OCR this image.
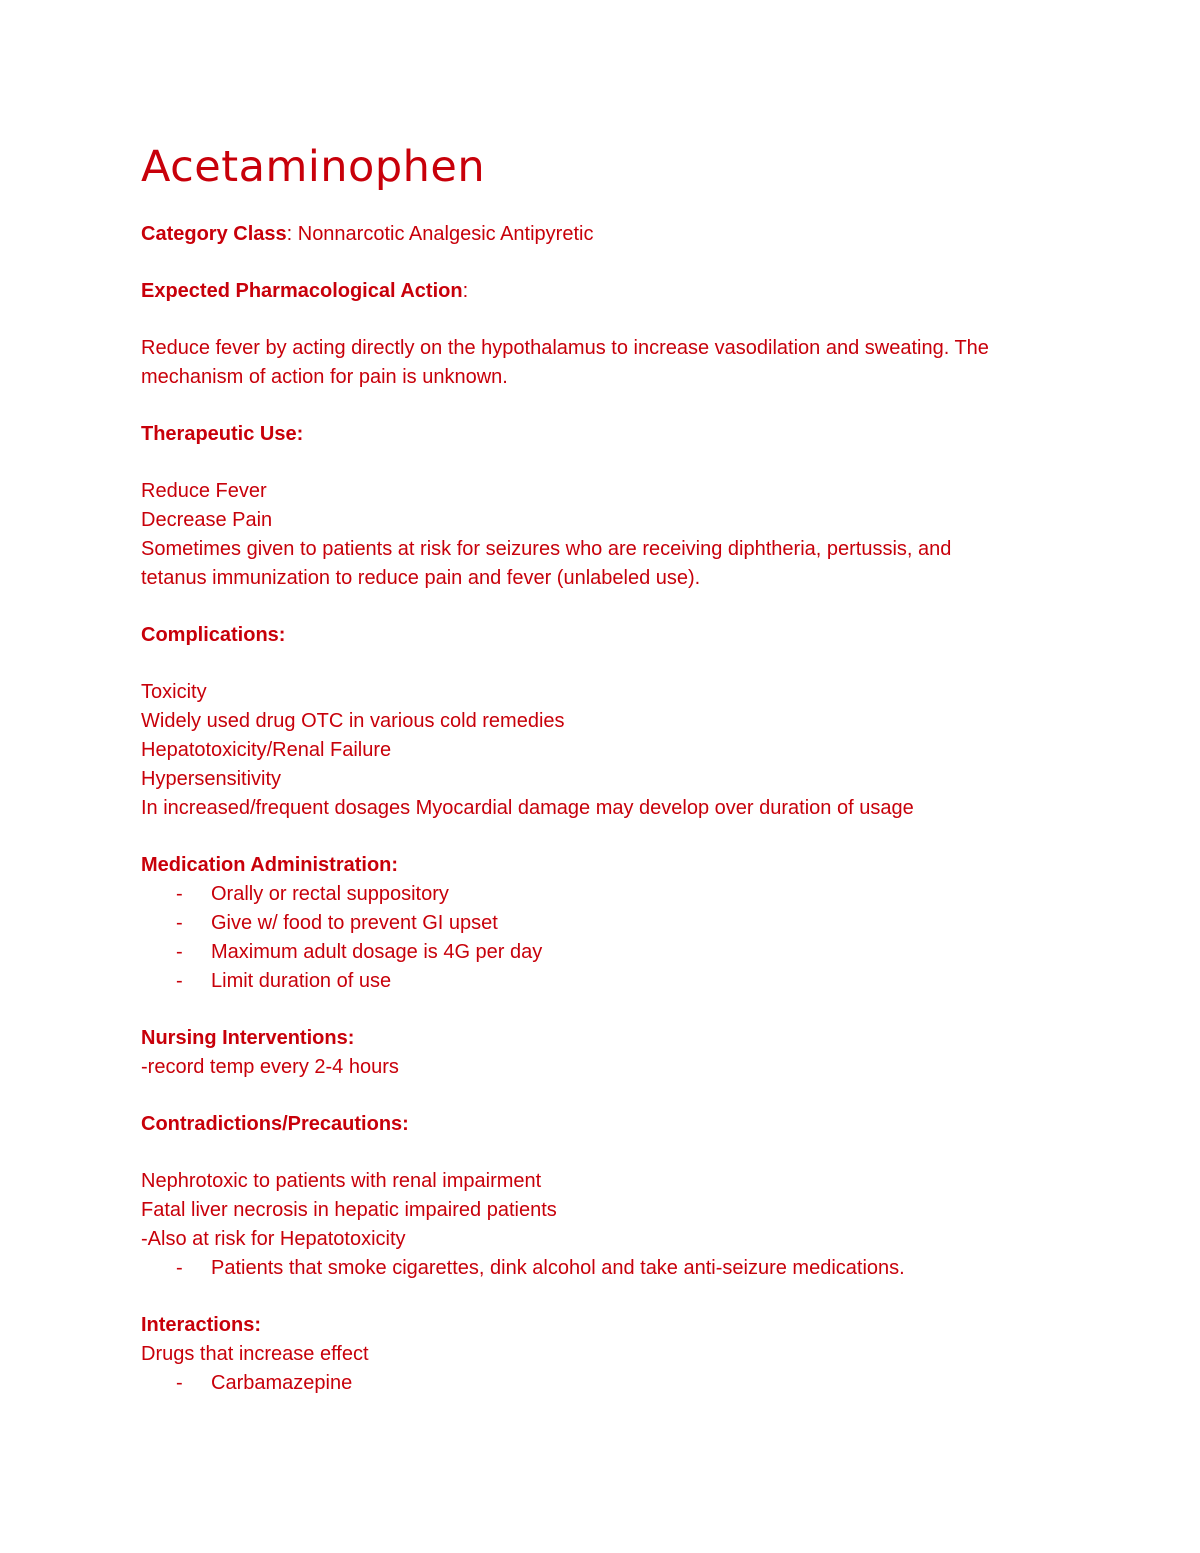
Acetaminophen

Category Class: Nonnarcotic Analgesic Antipyretic

Expected Pharmacological Action:

Reduce fever by acting directly on the hypothalamus to increase vasodilation and sweating. The

mechanism of action for pain is unknown.

Therapeutic Use:

Reduce Fever

Decrease Pain

Sometimes given to patients at risk for seizures who are receiving diphtheria, pertussis, and

tetanus immunization to reduce pain and fever (unlabeled use).

Complications:

Toxicity

Widely used drug OTC in various cold remedies

Hepatotoxicity/Renal Failure

Hypersensitivity

In increased/frequent dosages Myocardial damage may develop over duration of usage

Medication Administration:

-	Orally or rectal suppository

-	Give w/ food to prevent GI upset

-	Maximum adult dosage is 4G per day

-	Limit duration of use

Nursing Interventions:

-record temp every 2-4 hours

Contradictions/Precautions:

Nephrotoxic to patients with renal impairment

Fatal liver necrosis in hepatic impaired patients

-Also at risk for Hepatotoxicity

-	Patients that smoke cigarettes, dink alcohol and take anti-seizure medications.

Interactions:

Drugs that increase effect

-	Carbamazepine
